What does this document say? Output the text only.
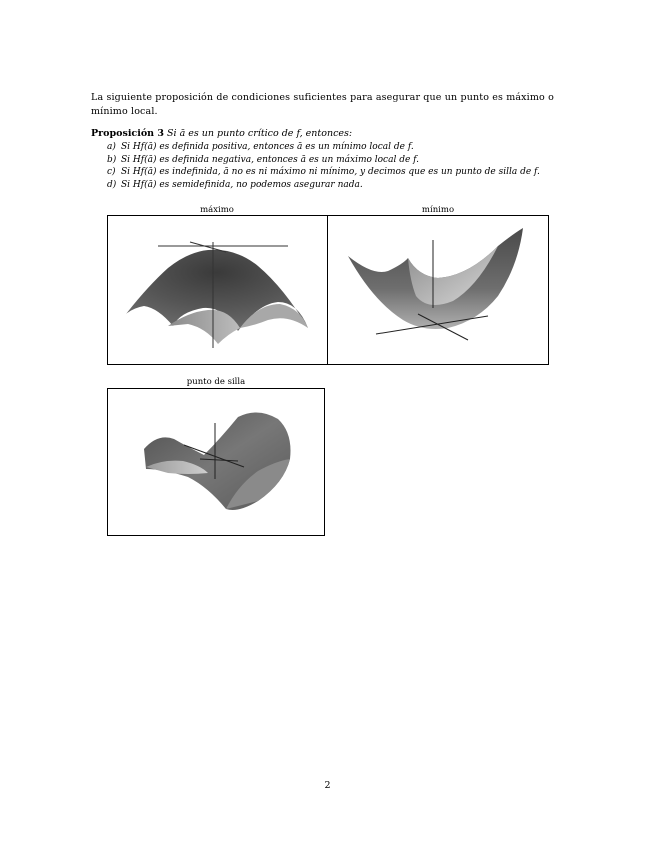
La siguiente proposición de condiciones suficientes para asegurar que un punto es máximo o mínimo local.
Proposición 3 Si ā es un punto crítico de f, entonces:
a) Si Hf(ā) es definida positiva, entonces ā es un mínimo local de f.
b) Si Hf(ā) es definida negativa, entonces ā es un máximo local de f.
c) Si Hf(ā) es indefinida, ā no es ni máximo ni mínimo, y decimos que es un punto de silla de f.
d) Si Hf(ā) es semidefinida, no podemos asegurar nada.
máximo	mínimo
punto de silla
2
